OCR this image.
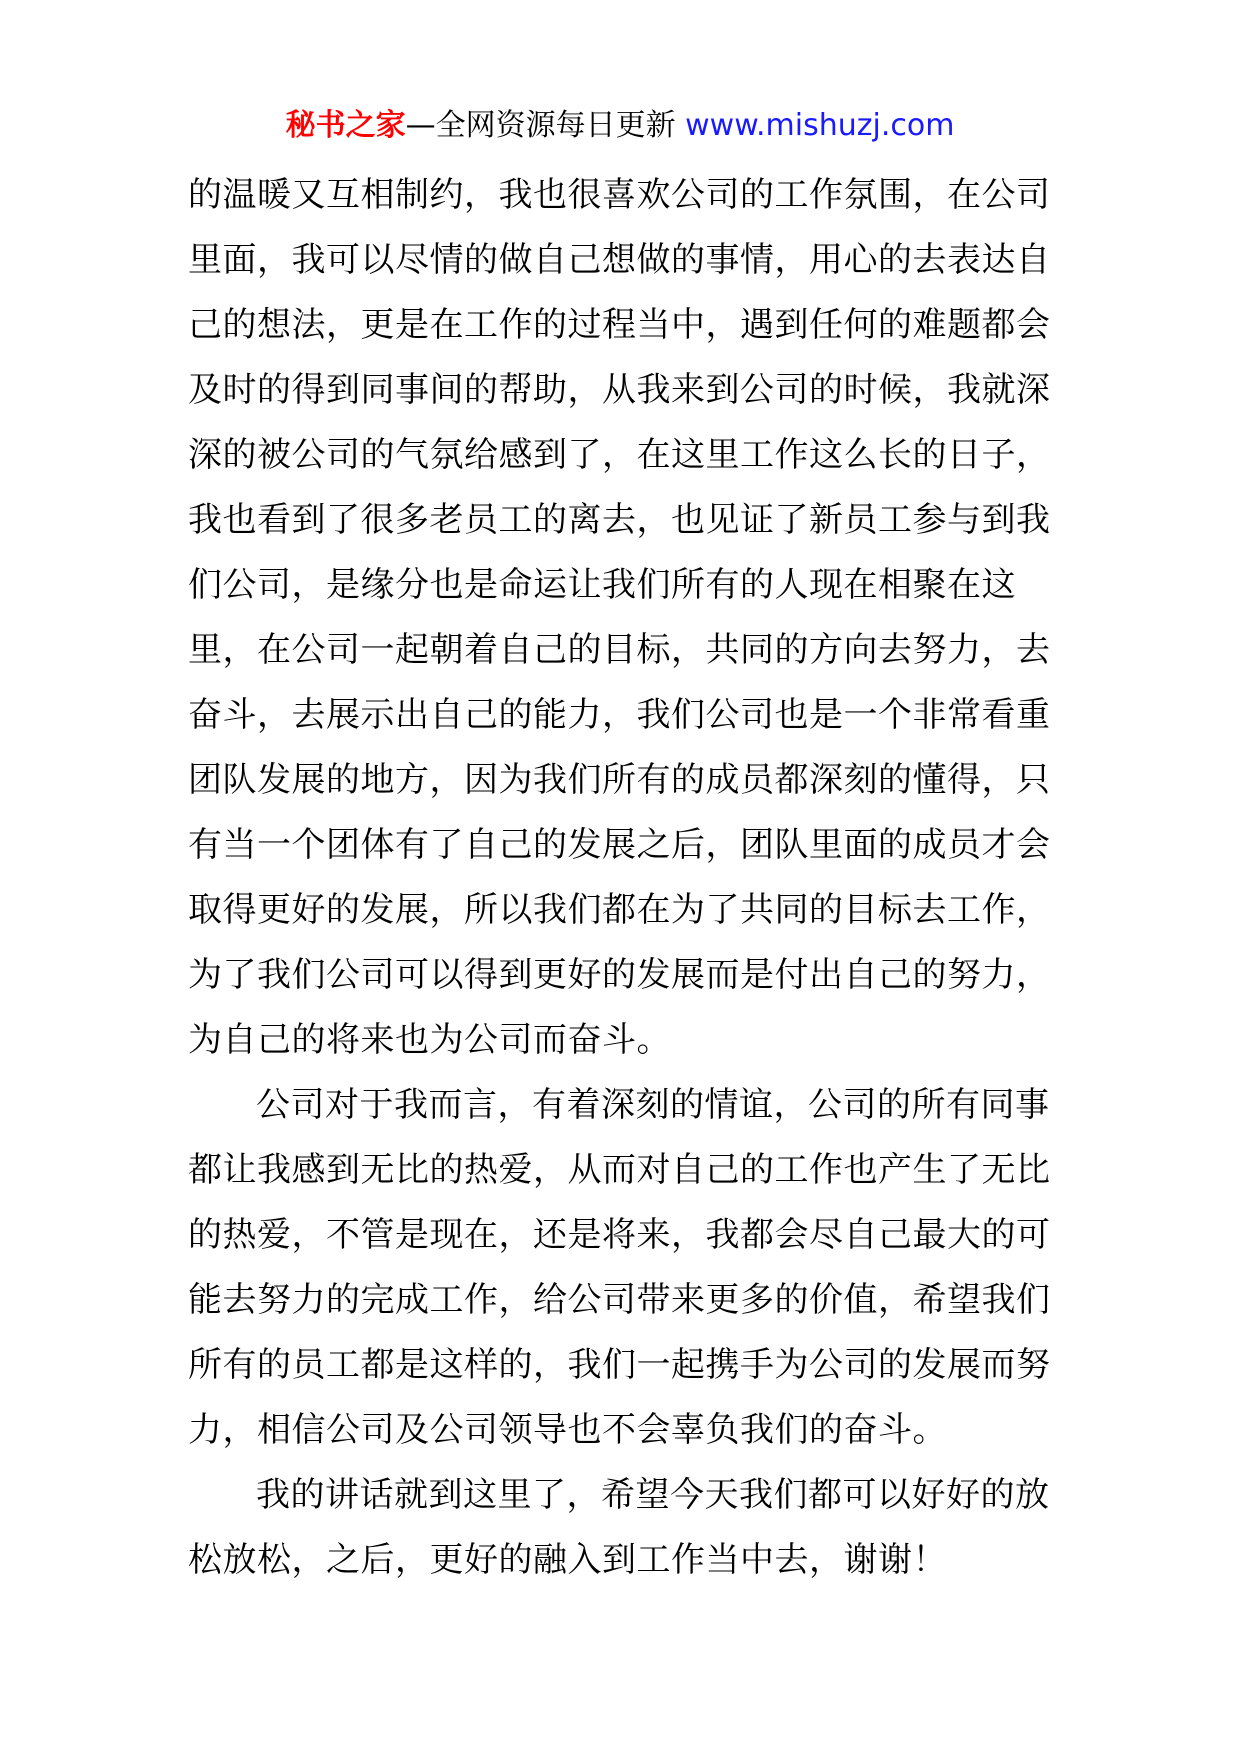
秘书之家—全网资源每日更新 www.mishuzj.com
的温暖又互相制约，我也很喜欢公司的工作氛围，在公司
里面，我可以尽情的做自己想做的事情，用心的去表达自
己的想法，更是在工作的过程当中，遇到任何的难题都会
及时的得到同事间的帮助，从我来到公司的时候，我就深
深的被公司的气氛给感到了，在这里工作这么长的日子，
我也看到了很多老员工的离去，也见证了新员工参与到我
们公司，是缘分也是命运让我们所有的人现在相聚在这
里，在公司一起朝着自己的目标，共同的方向去努力，去
奋斗，去展示出自己的能力，我们公司也是一个非常看重
团队发展的地方，因为我们所有的成员都深刻的懂得，只
有当一个团体有了自己的发展之后，团队里面的成员才会
取得更好的发展，所以我们都在为了共同的目标去工作，
为了我们公司可以得到更好的发展而是付出自己的努力，
为自己的将来也为公司而奋斗。
公司对于我而言，有着深刻的情谊，公司的所有同事
都让我感到无比的热爱，从而对自己的工作也产生了无比
的热爱，不管是现在，还是将来，我都会尽自己最大的可
能去努力的完成工作，给公司带来更多的价值，希望我们
所有的员工都是这样的，我们一起携手为公司的发展而努
力，相信公司及公司领导也不会辜负我们的奋斗。
我的讲话就到这里了，希望今天我们都可以好好的放
松放松，之后，更好的融入到工作当中去，谢谢！
